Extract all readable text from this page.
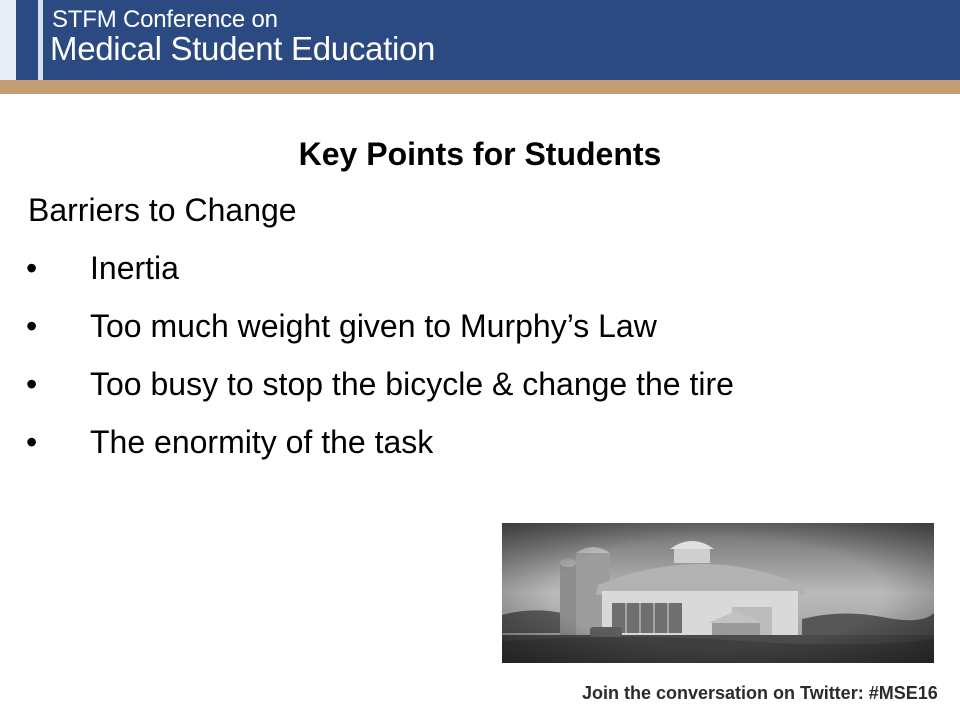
STFM Conference on
Medical Student Education
Key Points for Students
Barriers to Change
•	Inertia
•	Too much weight given to Murphy’s Law
•	Too busy to stop the bicycle & change the tire
•	The enormity of the task
Join the conversation on Twitter: #MSE16
